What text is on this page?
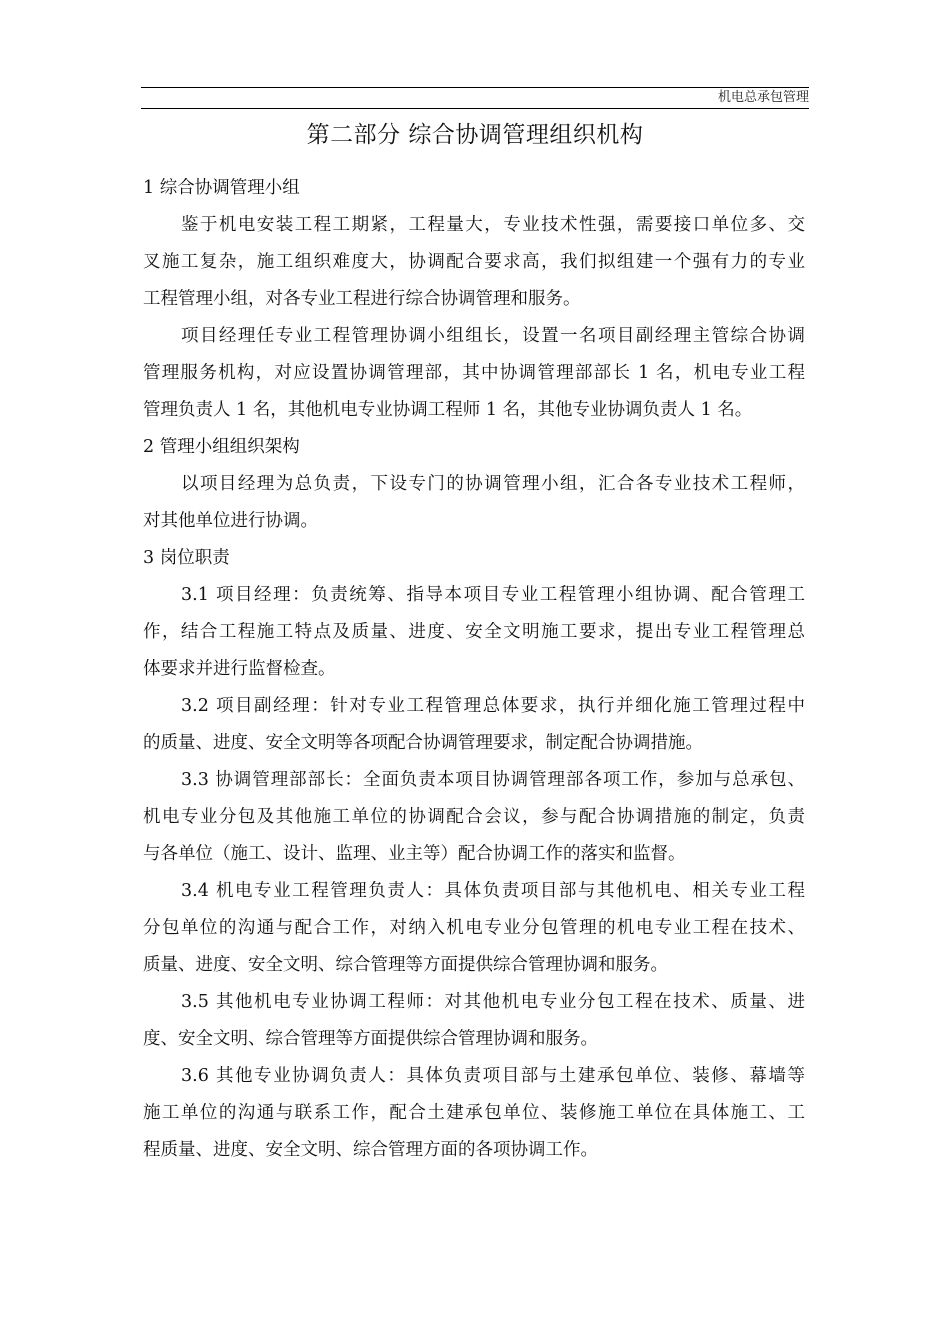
机电总承包管理
第二部分 综合协调管理组织机构
1 综合协调管理小组
鉴于机电安装工程工期紧，工程量大，专业技术性强，需要接口单位多、交
叉施工复杂，施工组织难度大，协调配合要求高，我们拟组建一个强有力的专业
工程管理小组，对各专业工程进行综合协调管理和服务。
项目经理任专业工程管理协调小组组长，设置一名项目副经理主管综合协调
管理服务机构，对应设置协调管理部，其中协调管理部部长 1 名，机电专业工程
管理负责人 1 名，其他机电专业协调工程师 1 名，其他专业协调负责人 1 名。
2 管理小组组织架构
以项目经理为总负责，下设专门的协调管理小组，汇合各专业技术工程师，
对其他单位进行协调。
3 岗位职责
3.1 项目经理：负责统筹、指导本项目专业工程管理小组协调、配合管理工
作，结合工程施工特点及质量、进度、安全文明施工要求，提出专业工程管理总
体要求并进行监督检查。
3.2 项目副经理：针对专业工程管理总体要求，执行并细化施工管理过程中
的质量、进度、安全文明等各项配合协调管理要求，制定配合协调措施。
3.3 协调管理部部长：全面负责本项目协调管理部各项工作，参加与总承包、
机电专业分包及其他施工单位的协调配合会议，参与配合协调措施的制定，负责
与各单位（施工、设计、监理、业主等）配合协调工作的落实和监督。
3.4 机电专业工程管理负责人：具体负责项目部与其他机电、相关专业工程
分包单位的沟通与配合工作，对纳入机电专业分包管理的机电专业工程在技术、
质量、进度、安全文明、综合管理等方面提供综合管理协调和服务。
3.5 其他机电专业协调工程师：对其他机电专业分包工程在技术、质量、进
度、安全文明、综合管理等方面提供综合管理协调和服务。
3.6 其他专业协调负责人：具体负责项目部与土建承包单位、装修、幕墙等
施工单位的沟通与联系工作，配合土建承包单位、装修施工单位在具体施工、工
程质量、进度、安全文明、综合管理方面的各项协调工作。
